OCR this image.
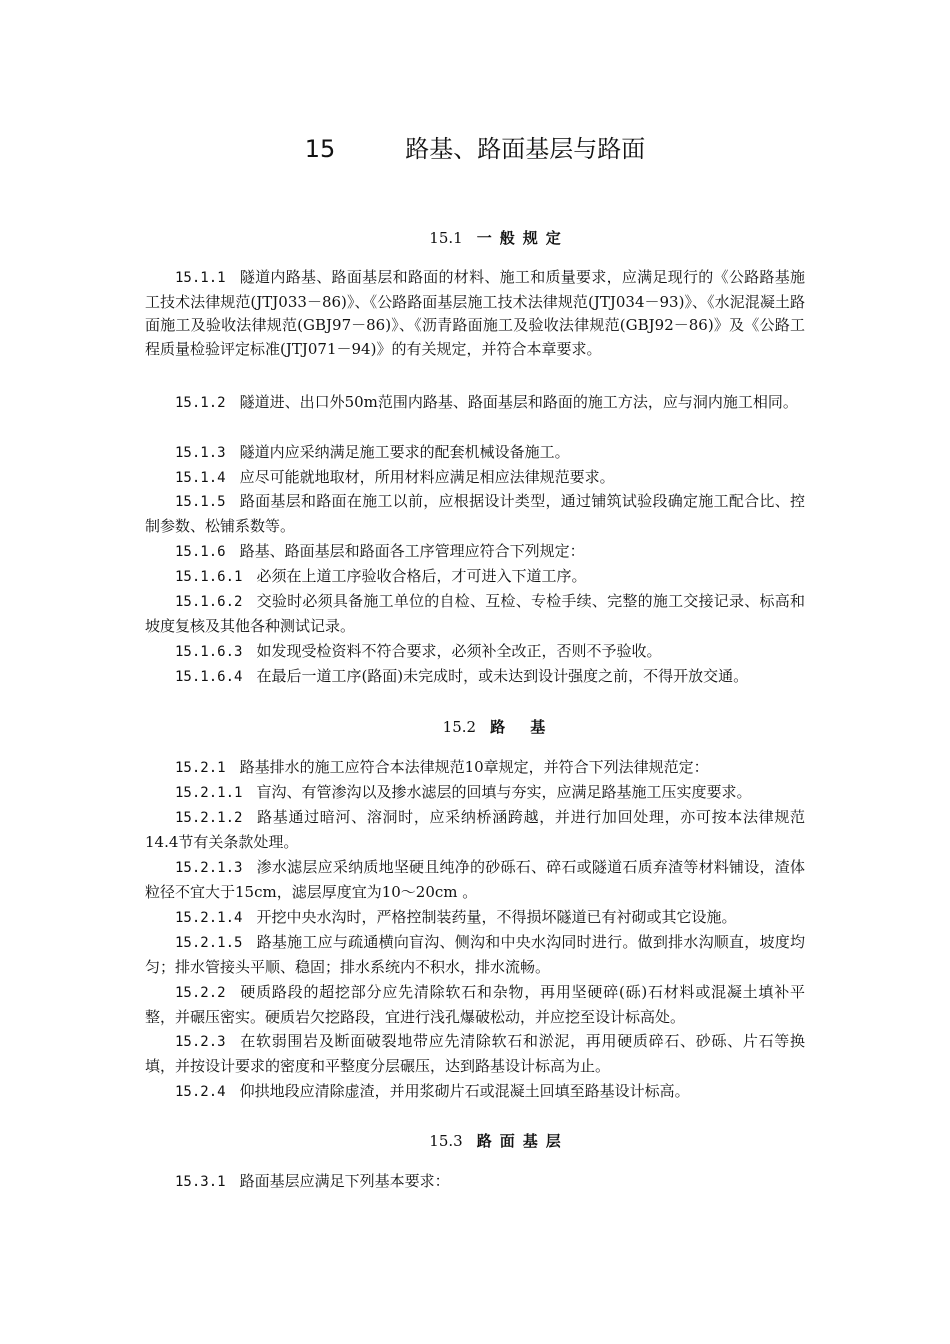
15	路基、路面基层与路面
15.1 一般规定
15.1.1 隧道内路基、路面基层和路面的材料、施工和质量要求，应满足现行的《公路路基施工技术法律规范(JTJ033－86)》、《公路路面基层施工技术法律规范(JTJ034－93)》、《水泥混凝土路面施工及验收法律规范(GBJ97－86)》、《沥青路面施工及验收法律规范(GBJ92－86)》及《公路工程质量检验评定标准(JTJ071－94)》的有关规定，并符合本章要求。
15.1.2 隧道进、出口外50m范围内路基、路面基层和路面的施工方法，应与洞内施工相同。
15.1.3 隧道内应采纳满足施工要求的配套机械设备施工。
15.1.4 应尽可能就地取材，所用材料应满足相应法律规范要求。
15.1.5 路面基层和路面在施工以前，应根据设计类型，通过铺筑试验段确定施工配合比、控制参数、松铺系数等。
15.1.6 路基、路面基层和路面各工序管理应符合下列规定：
15.1.6.1 必须在上道工序验收合格后，才可进入下道工序。
15.1.6.2 交验时必须具备施工单位的自检、互检、专检手续、完整的施工交接记录、标高和坡度复核及其他各种测试记录。
15.1.6.3 如发现受检资料不符合要求，必须补全改正，否则不予验收。
15.1.6.4 在最后一道工序(路面)未完成时，或未达到设计强度之前，不得开放交通。
15.2 路 基
15.2.1 路基排水的施工应符合本法律规范10章规定，并符合下列法律规范定：
15.2.1.1 盲沟、有管渗沟以及掺水滤层的回填与夯实，应满足路基施工压实度要求。
15.2.1.2 路基通过暗河、溶洞时，应采纳桥涵跨越，并进行加回处理，亦可按本法律规范14.4节有关条款处理。
15.2.1.3 渗水滤层应采纳质地坚硬且纯净的砂砾石、碎石或隧道石质弃渣等材料铺设，渣体粒径不宜大于15cm，滤层厚度宜为10～20cm 。
15.2.1.4 开挖中央水沟时，严格控制装药量，不得损坏隧道已有衬砌或其它设施。
15.2.1.5 路基施工应与疏通横向盲沟、侧沟和中央水沟同时进行。做到排水沟顺直，坡度均匀；排水管接头平顺、稳固；排水系统内不积水，排水流畅。
15.2.2 硬质路段的超挖部分应先清除软石和杂物，再用坚硬碎(砾)石材料或混凝土填补平整，并碾压密实。硬质岩欠挖路段，宜进行浅孔爆破松动，并应挖至设计标高处。
15.2.3 在软弱围岩及断面破裂地带应先清除软石和淤泥，再用硬质碎石、砂砾、片石等换填，并按设计要求的密度和平整度分层碾压，达到路基设计标高为止。
15.2.4 仰拱地段应清除虚渣，并用浆砌片石或混凝土回填至路基设计标高。
15.3 路面基层
15.3.1 路面基层应满足下列基本要求：
